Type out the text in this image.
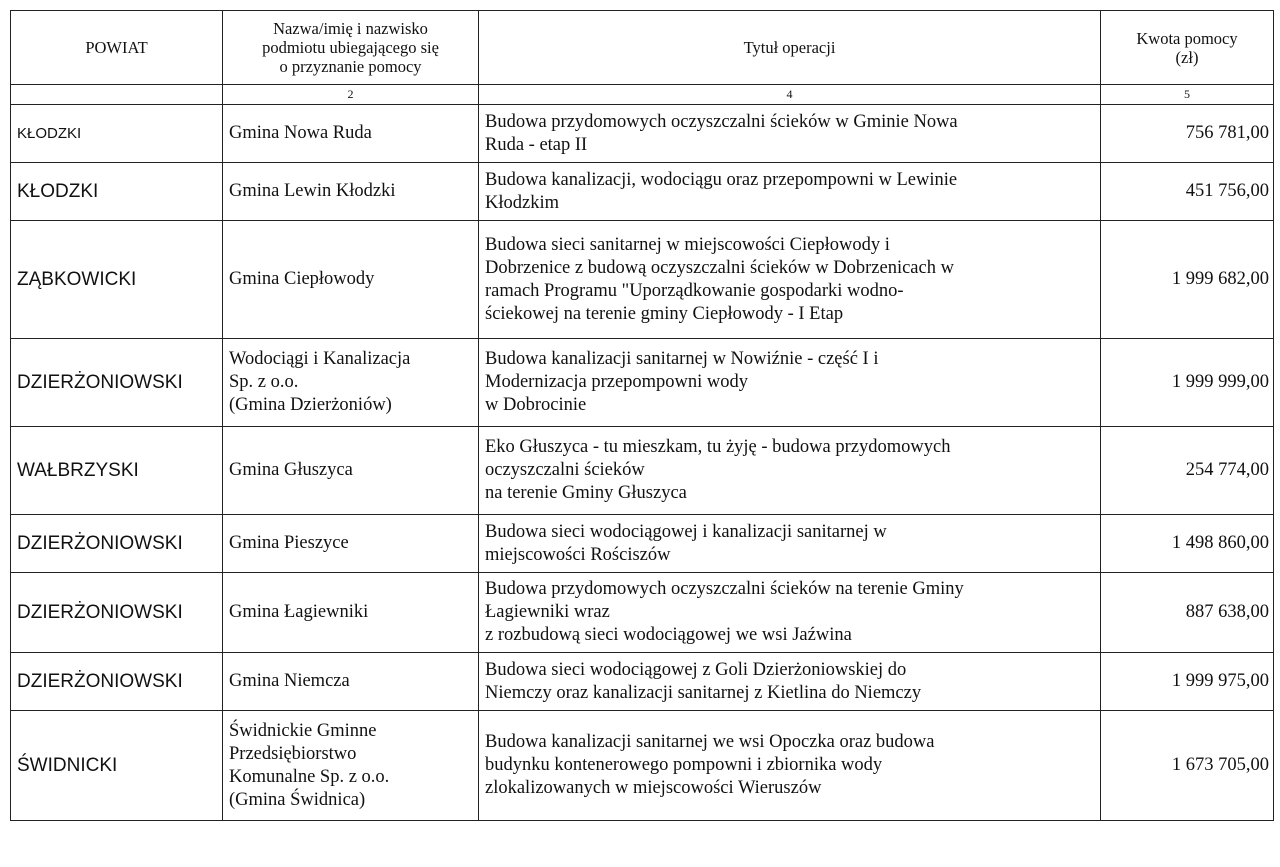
POWIAT	Nazwa/imię i nazwisko
podmiotu ubiegającego się
o przyznanie pomocy	Tytuł operacji	Kwota pomocy
(zł)

	2	4	5
KŁODZKI	Gmina Nowa Ruda	Budowa przydomowych oczyszczalni ścieków w Gminie Nowa
Ruda - etap II	756 781,00
KŁODZKI	Gmina Lewin Kłodzki	Budowa kanalizacji, wodociągu oraz przepompowni w Lewinie
Kłodzkim	451 756,00
ZĄBKOWICKI	Gmina Ciepłowody	Budowa sieci sanitarnej w miejscowości Ciepłowody i
Dobrzenice z budową oczyszczalni ścieków w Dobrzenicach w
ramach Programu "Uporządkowanie gospodarki wodno-
ściekowej na terenie gminy Ciepłowody - I Etap	1 999 682,00
DZIERŻONIOWSKI	Wodociągi i Kanalizacja
Sp. z o.o.
(Gmina Dzierżoniów)	Budowa kanalizacji sanitarnej w Nowiźnie - część I i
Modernizacja przepompowni wody
w Dobrocinie	1 999 999,00
WAŁBRZYSKI	Gmina Głuszyca	Eko Głuszyca - tu mieszkam, tu żyję - budowa przydomowych
oczyszczalni ścieków
na terenie Gminy Głuszyca	254 774,00
DZIERŻONIOWSKI	Gmina Pieszyce	Budowa sieci wodociągowej i kanalizacji sanitarnej w
miejscowości Rościszów	1 498 860,00
DZIERŻONIOWSKI	Gmina Łagiewniki	Budowa przydomowych oczyszczalni ścieków na terenie Gminy
Łagiewniki wraz
z rozbudową sieci wodociągowej we wsi Jaźwina	887 638,00
DZIERŻONIOWSKI	Gmina Niemcza	Budowa sieci wodociągowej z Goli Dzierżoniowskiej do
Niemczy oraz kanalizacji sanitarnej z Kietlina do Niemczy	1 999 975,00
ŚWIDNICKI	Świdnickie Gminne
Przedsiębiorstwo
Komunalne Sp. z o.o.
(Gmina Świdnica)	Budowa kanalizacji sanitarnej we wsi Opoczka oraz budowa
budynku kontenerowego pompowni i zbiornika wody
zlokalizowanych w miejscowości Wieruszów	1 673 705,00
